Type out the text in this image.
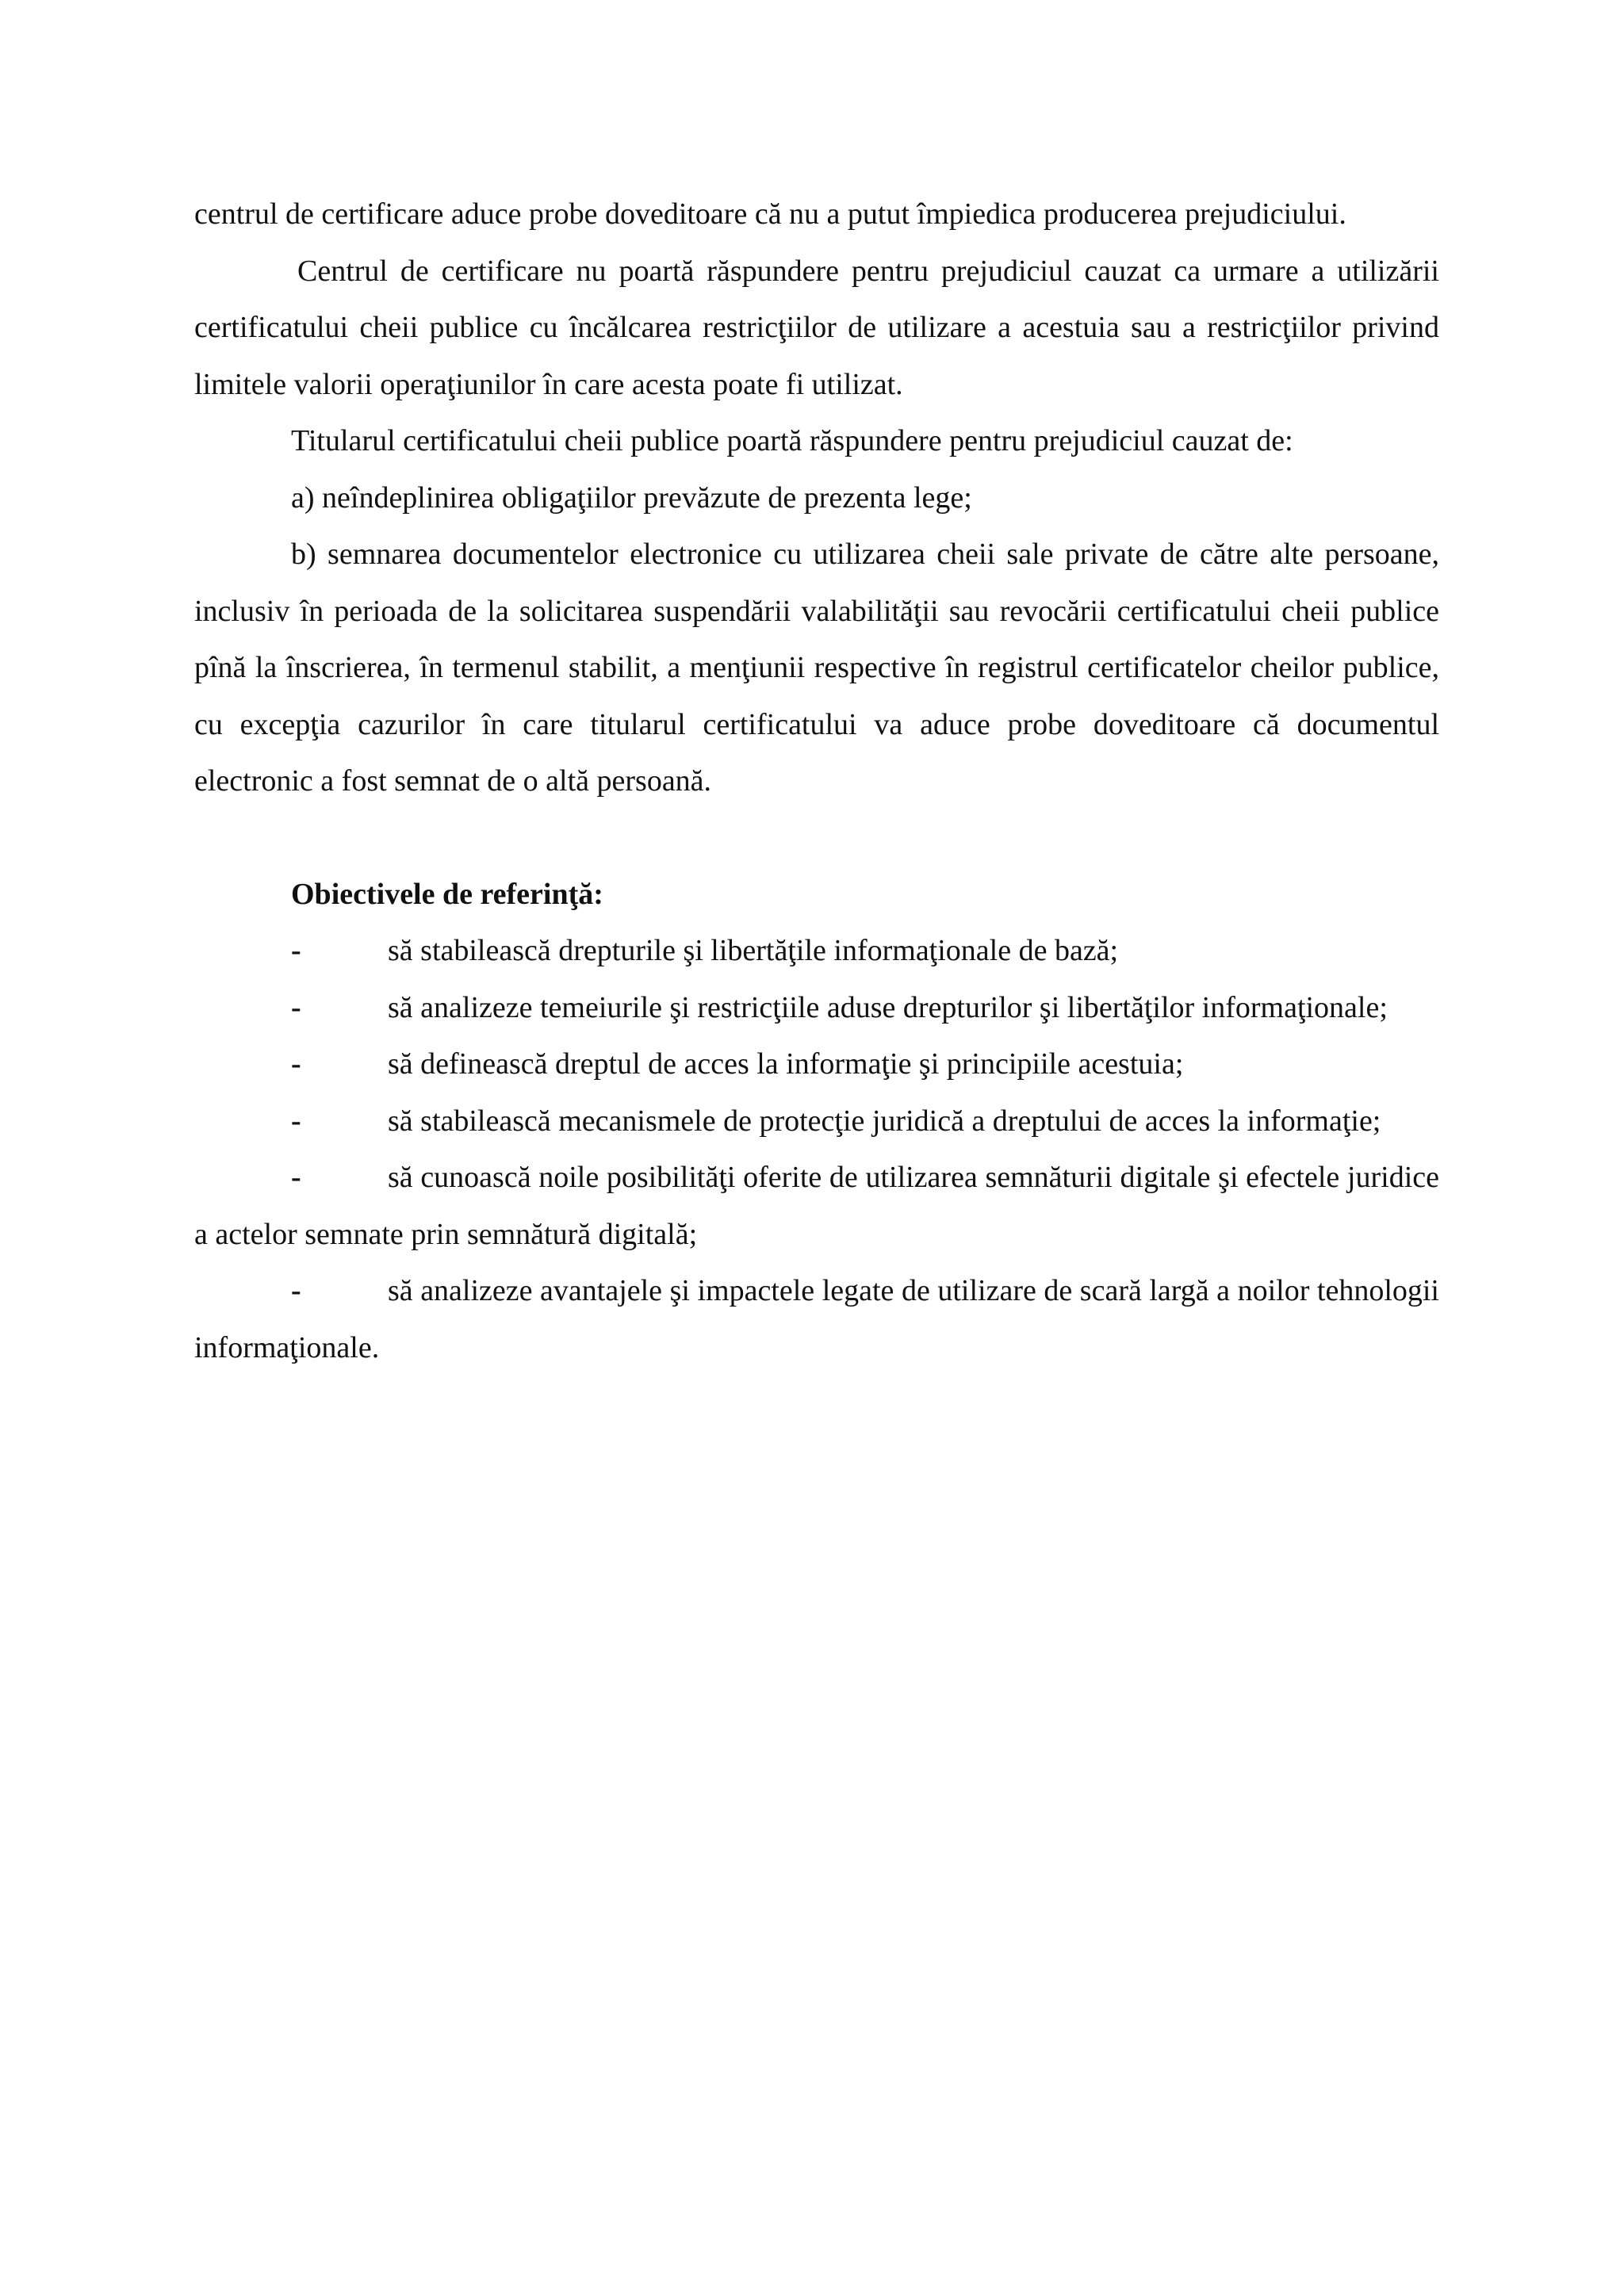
centrul de certificare aduce probe doveditoare că nu a putut împiedica producerea prejudiciului.

Centrul de certificare nu poartă răspundere pentru prejudiciul cauzat ca urmare a utilizării certificatului cheii publice cu încălcarea restricţiilor de utilizare a acestuia sau a restricţiilor privind limitele valorii operaţiunilor în care acesta poate fi utilizat.

Titularul certificatului cheii publice poartă răspundere pentru prejudiciul cauzat de:

a) neîndeplinirea obligaţiilor prevăzute de prezenta lege;

b) semnarea documentelor electronice cu utilizarea cheii sale private de către alte persoane, inclusiv în perioada de la solicitarea suspendării valabilităţii sau revocării certificatului cheii publice pînă la înscrierea, în termenul stabilit, a menţiunii respective în registrul certificatelor cheilor publice, cu excepţia cazurilor în care titularul certificatului va aduce probe doveditoare că documentul electronic a fost semnat de o altă persoană.

Obiectivele de referinţă:

-	să stabilească drepturile şi libertăţile informaţionale de bază;

-	să analizeze temeiurile şi restricţiile aduse drepturilor şi libertăţilor informaţionale;

-	să definească dreptul de acces la informaţie şi principiile acestuia;

-	să stabilească mecanismele de protecţie juridică a dreptului de acces la informaţie;

-	să cunoască noile posibilităţi oferite de utilizarea semnăturii digitale şi efectele juridice a actelor semnate prin semnătură digitală;

-	să analizeze avantajele şi impactele legate de utilizare de scară largă a noilor tehnologii informaţionale.
